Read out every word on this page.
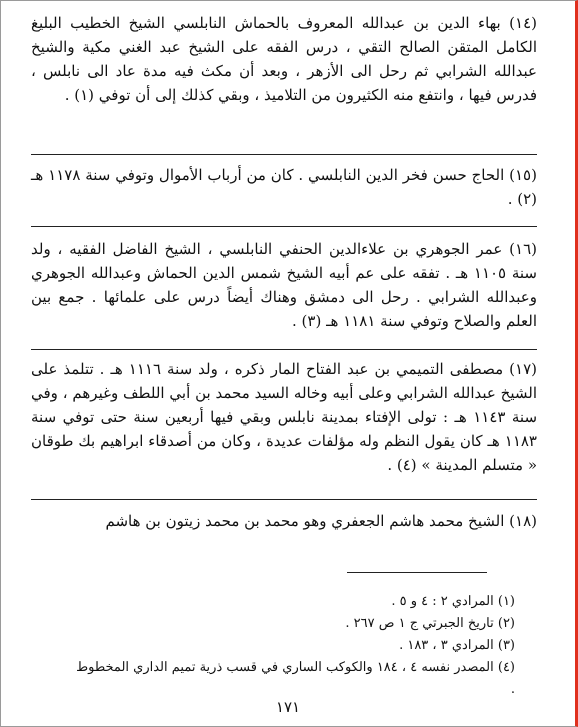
(١٤) بهاء الدين بن عبدالله المعروف بالحماش النابلسي الشيخ الخطيب البليغ الكامل المتقن الصالح التقي ، درس الفقه على الشيخ عبد الغني مكية والشيخ عبدالله الشرابي ثم رحل الى الأزهر ، وبعد أن مكث فيه مدة عاد الى نابلس ، فدرس فيها ، وانتفع منه الكثيرون من التلاميذ ، وبقي كذلك إلى أن توفي (١) .

(١٥) الحاج حسن فخر الدين النابلسي . كان من أرباب الأموال وتوفي سنة ١١٧٨ هـ (٢) .

(١٦) عمر الجوهري بن علاءالدين الحنفي النابلسي ، الشيخ الفاضل الفقيه ، ولد سنة ١١٠٥ هـ . تفقه على عم أبيه الشيخ شمس الدين الحماش وعبدالله الجوهري وعبدالله الشرابي . رحل الى دمشق وهناك أيضاً درس على علمائها . جمع بين العلم والصلاح وتوفي سنة ١١٨١ هـ (٣) .

(١٧) مصطفى التميمي بن عبد الفتاح المار ذكره ، ولد سنة ١١١٦ هـ . تتلمذ على الشيخ عبدالله الشرابي وعلى أبيه وخاله السيد محمد بن أبي اللطف وغيرهم ، وفي سنة ١١٤٣ هـ : تولى الإفتاء بمدينة نابلس وبقي فيها أربعين سنة حتى توفي سنة ١١٨٣ هـ كان يقول النظم وله مؤلفات عديدة ، وكان من أصدقاء ابراهيم بك طوقان « متسلم المدينة » (٤) .

(١٨) الشيخ محمد هاشم الجعفري وهو محمد بن محمد زيتون بن هاشم

(١) المرادي ٢ : ٤ و ٥ .

(٢) تاريخ الجبرتي ج ١ ص ٢٦٧ .

(٣) المرادي ٣ ، ١٨٣ .

(٤) المصدر نفسه ٤ ، ١٨٤ والكوكب الساري في قسب ذرية تميم الداري المخطوط .

١٧١
